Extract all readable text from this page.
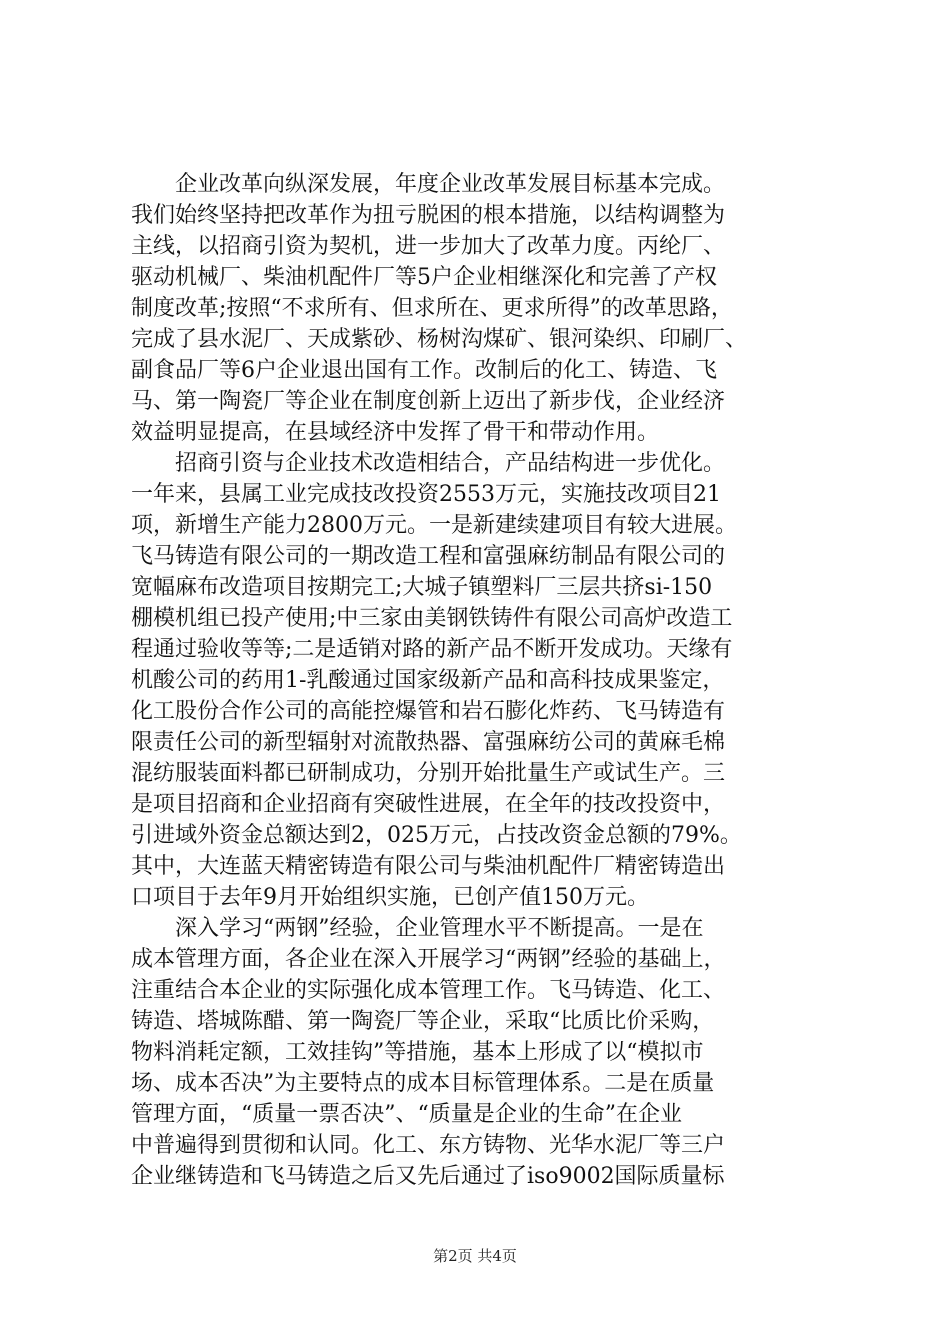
　　企业改革向纵深发展，年度企业改革发展目标基本完成。
我们始终坚持把改革作为扭亏脱困的根本措施，以结构调整为
主线，以招商引资为契机，进一步加大了改革力度。丙纶厂、
驱动机械厂、柴油机配件厂等5户企业相继深化和完善了产权
制度改革;按照“不求所有、但求所在、更求所得”的改革思路，
完成了县水泥厂、天成紫砂、杨树沟煤矿、银河染织、印刷厂、
副食品厂等6户企业退出国有工作。改制后的化工、铸造、飞
马、第一陶瓷厂等企业在制度创新上迈出了新步伐，企业经济
效益明显提高，在县域经济中发挥了骨干和带动作用。
　　招商引资与企业技术改造相结合，产品结构进一步优化。
一年来，县属工业完成技改投资2553万元，实施技改项目21
项，新增生产能力2800万元。一是新建续建项目有较大进展。
飞马铸造有限公司的一期改造工程和富强麻纺制品有限公司的
宽幅麻布改造项目按期完工;大城子镇塑料厂三层共挤si-150
棚模机组已投产使用;中三家由美钢铁铸件有限公司高炉改造工
程通过验收等等;二是适销对路的新产品不断开发成功。天缘有
机酸公司的药用1-乳酸通过国家级新产品和高科技成果鉴定，
化工股份合作公司的高能控爆管和岩石膨化炸药、飞马铸造有
限责任公司的新型辐射对流散热器、富强麻纺公司的黄麻毛棉
混纺服装面料都已研制成功，分别开始批量生产或试生产。三
是项目招商和企业招商有突破性进展，在全年的技改投资中，
引进域外资金总额达到2，025万元，占技改资金总额的79%。
其中，大连蓝天精密铸造有限公司与柴油机配件厂精密铸造出
口项目于去年9月开始组织实施，已创产值150万元。
　　深入学习“两钢”经验，企业管理水平不断提高。一是在
成本管理方面，各企业在深入开展学习“两钢”经验的基础上，
注重结合本企业的实际强化成本管理工作。飞马铸造、化工、
铸造、塔城陈醋、第一陶瓷厂等企业，采取“比质比价采购，
物料消耗定额，工效挂钩”等措施，基本上形成了以“模拟市
场、成本否决”为主要特点的成本目标管理体系。二是在质量
管理方面，“质量一票否决”、“质量是企业的生命”在企业
中普遍得到贯彻和认同。化工、东方铸物、光华水泥厂等三户
企业继铸造和飞马铸造之后又先后通过了iso9002国际质量标
第2页 共4页
